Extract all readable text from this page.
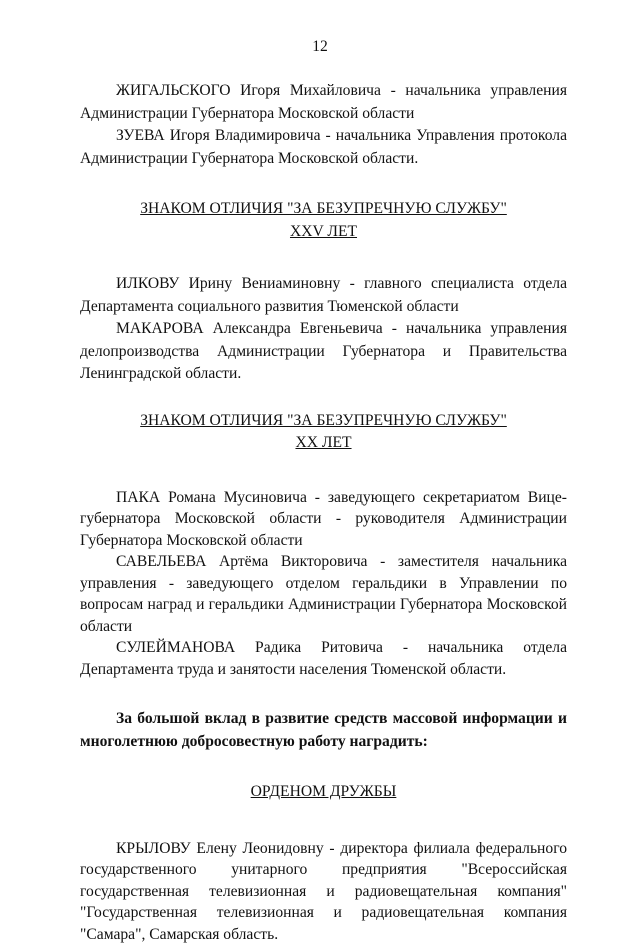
12

ЖИГАЛЬСКОГО Игоря Михайловича - начальника управления Администрации Губернатора Московской области

ЗУЕВА Игоря Владимировича - начальника Управления протокола Администрации Губернатора Московской области.

ЗНАКОМ ОТЛИЧИЯ "ЗА БЕЗУПРЕЧНУЮ СЛУЖБУ"

XXV ЛЕТ

ИЛКОВУ Ирину Вениаминовну - главного специалиста отдела Департамента социального развития Тюменской области

МАКАРОВА Александра Евгеньевича - начальника управления делопроизводства Администрации Губернатора и Правительства Ленинградской области.

ЗНАКОМ ОТЛИЧИЯ "ЗА БЕЗУПРЕЧНУЮ СЛУЖБУ"

XX ЛЕТ

ПАКА Романа Мусиновича - заведующего секретариатом Вице-губернатора Московской области - руководителя Администрации Губернатора Московской области

САВЕЛЬЕВА Артёма Викторовича - заместителя начальника управления - заведующего отделом геральдики в Управлении по вопросам наград и геральдики Администрации Губернатора Московской области

СУЛЕЙМАНОВА Радика Ритовича - начальника отдела Департамента труда и занятости населения Тюменской области.

За большой вклад в развитие средств массовой информации и многолетнюю добросовестную работу наградить:

ОРДЕНОМ ДРУЖБЫ

КРЫЛОВУ Елену Леонидовну - директора филиала федерального государственного унитарного предприятия "Всероссийская государственная телевизионная и радиовещательная компания" "Государственная телевизионная и радиовещательная компания "Самара", Самарская область.
